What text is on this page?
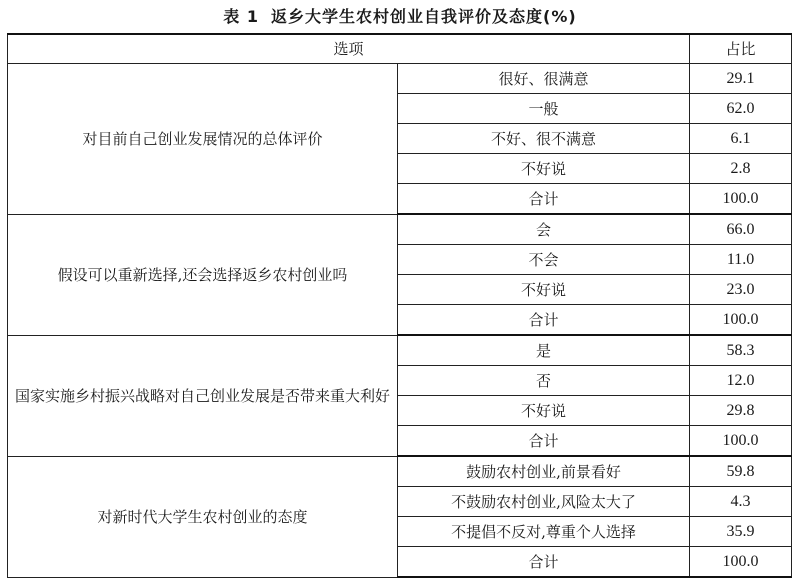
表 1 返乡大学生农村创业自我评价及态度(%)
选项		占比
对目前自己创业发展情况的总体评价	很好、很满意	29.1
	一般	62.0
	不好、很不满意	6.1
	不好说	2.8
	合计	100.0
假设可以重新选择,还会选择返乡农村创业吗	会	66.0
	不会	11.0
	不好说	23.0
	合计	100.0
国家实施乡村振兴战略对自己创业发展是否带来重大利好	是	58.3
	否	12.0
	不好说	29.8
	合计	100.0
对新时代大学生农村创业的态度	鼓励农村创业,前景看好	59.8
	不鼓励农村创业,风险太大了	4.3
	不提倡不反对,尊重个人选择	35.9
	合计	100.0
